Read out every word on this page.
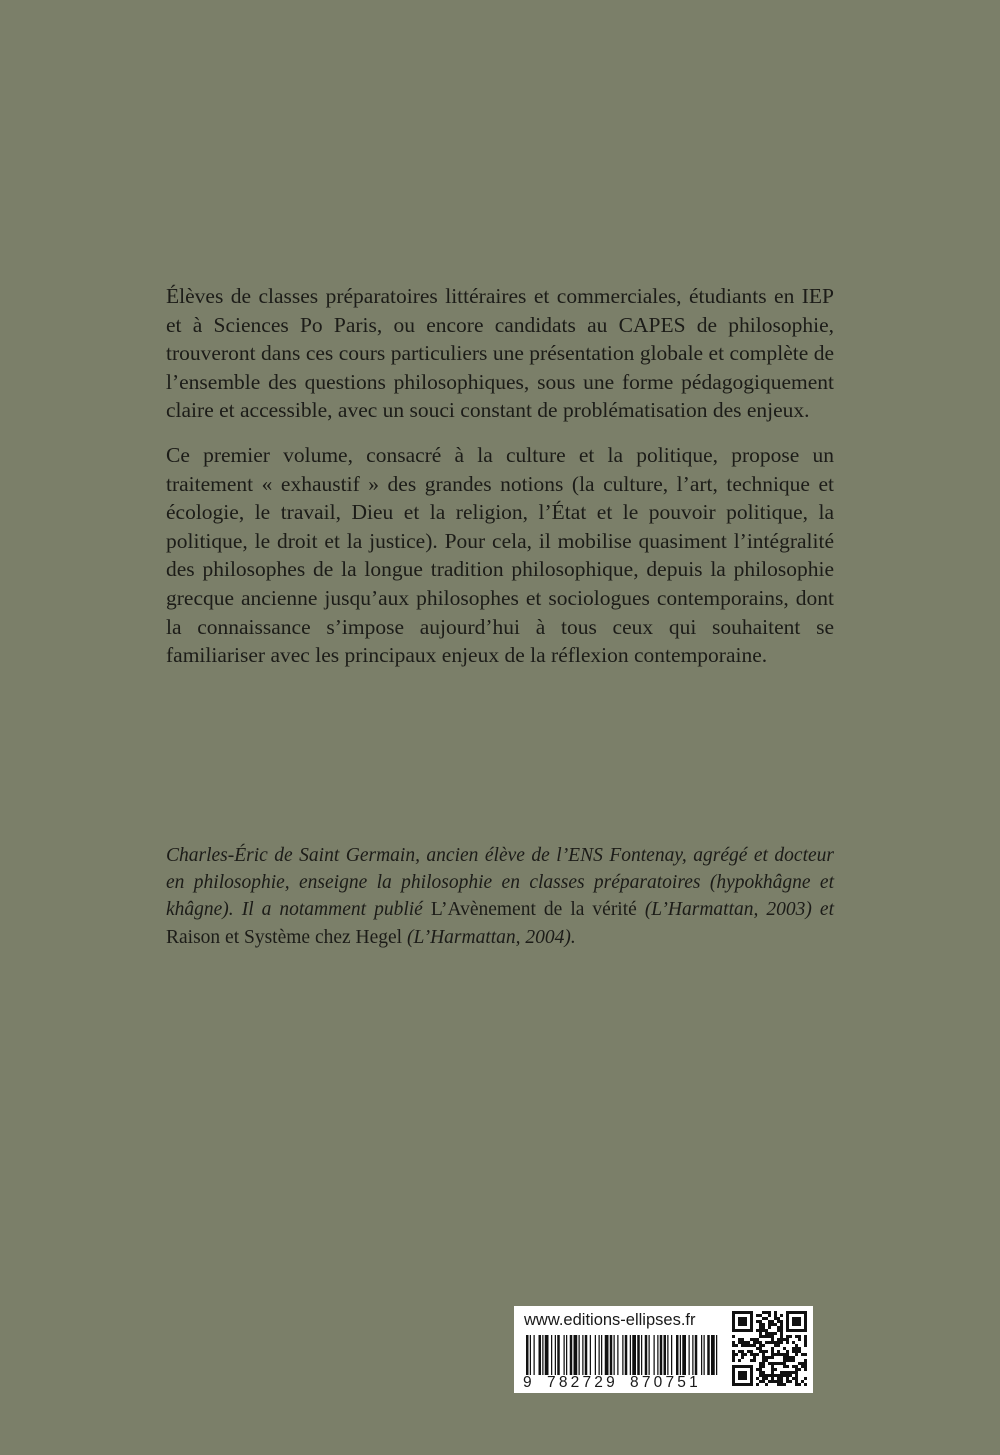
Élèves de classes préparatoires littéraires et commerciales, étudiants en IEP et à Sciences Po Paris, ou encore candidats au CAPES de philosophie, trouveront dans ces cours particuliers une présentation globale et complète de l’ensemble des questions philosophiques, sous une forme pédagogiquement claire et accessible, avec un souci constant de problématisation des enjeux.

Ce premier volume, consacré à la culture et la politique, propose un traitement « exhaustif » des grandes notions (la culture, l’art, technique et écologie, le travail, Dieu et la religion, l’État et le pouvoir politique, la politique, le droit et la justice). Pour cela, il mobilise quasiment l’intégralité des philosophes de la longue tradition philosophique, depuis la philosophie grecque ancienne jusqu’aux philosophes et sociologues contemporains, dont la connaissance s’impose aujourd’hui à tous ceux qui souhaitent se familiariser avec les principaux enjeux de la réflexion contemporaine.

Charles-Éric de Saint Germain, ancien élève de l’ENS Fontenay, agrégé et docteur en philosophie, enseigne la philosophie en classes préparatoires (hypokhâgne et khâgne). Il a notamment publié L’Avènement de la vérité (L’Harmattan, 2003) et Raison et Système chez Hegel (L’Harmattan, 2004).
www.editions-ellipses.fr
9 782729 870751
